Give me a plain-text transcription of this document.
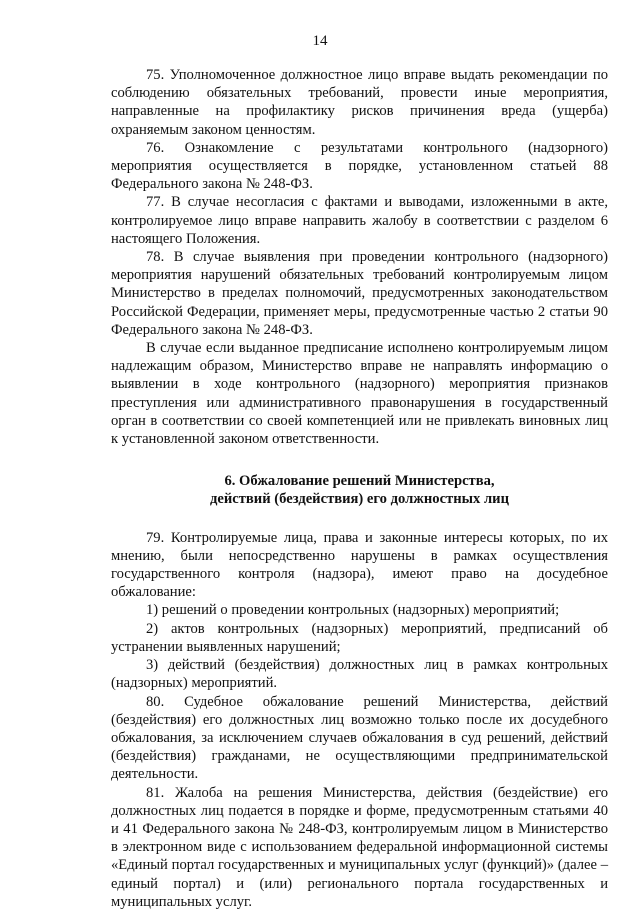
14

75. Уполномоченное должностное лицо вправе выдать рекомендации по соблюдению обязательных требований, провести иные мероприятия, направленные на профилактику рисков причинения вреда (ущерба) охраняемым законом ценностям.

76. Ознакомление с результатами контрольного (надзорного) мероприятия осуществляется в порядке, установленном статьей 88 Федерального закона № 248-ФЗ.

77. В случае несогласия с фактами и выводами, изложенными в акте, контролируемое лицо вправе направить жалобу в соответствии с разделом 6 настоящего Положения.

78. В случае выявления при проведении контрольного (надзорного) мероприятия нарушений обязательных требований контролируемым лицом Министерство в пределах полномочий, предусмотренных законодательством Российской Федерации, применяет меры, предусмотренные частью 2 статьи 90 Федерального закона № 248-ФЗ.

В случае если выданное предписание исполнено контролируемым лицом надлежащим образом, Министерство вправе не направлять информацию о выявлении в ходе контрольного (надзорного) мероприятия признаков преступления или административного правонарушения в государственный орган в соответствии со своей компетенцией или не привлекать виновных лиц к установленной законом ответственности.

6. Обжалование решений Министерства,
действий (бездействия) его должностных лиц

79. Контролируемые лица, права и законные интересы которых, по их мнению, были непосредственно нарушены в рамках осуществления государственного контроля (надзора), имеют право на досудебное обжалование:

1) решений о проведении контрольных (надзорных) мероприятий;

2) актов контрольных (надзорных) мероприятий, предписаний об устранении выявленных нарушений;

3) действий (бездействия) должностных лиц в рамках контрольных (надзорных) мероприятий.

80. Судебное обжалование решений Министерства, действий (бездействия) его должностных лиц возможно только после их досудебного обжалования, за исключением случаев обжалования в суд решений, действий (бездействия) гражданами, не осуществляющими предпринимательской деятельности.

81. Жалоба на решения Министерства, действия (бездействие) его должностных лиц подается в порядке и форме, предусмотренным статьями 40 и 41 Федерального закона № 248-ФЗ, контролируемым лицом в Министерство в электронном виде с использованием федеральной информационной системы «Единый портал государственных и муниципальных услуг (функций)» (далее – единый портал) и (или) регионального портала государственных и муниципальных услуг.
